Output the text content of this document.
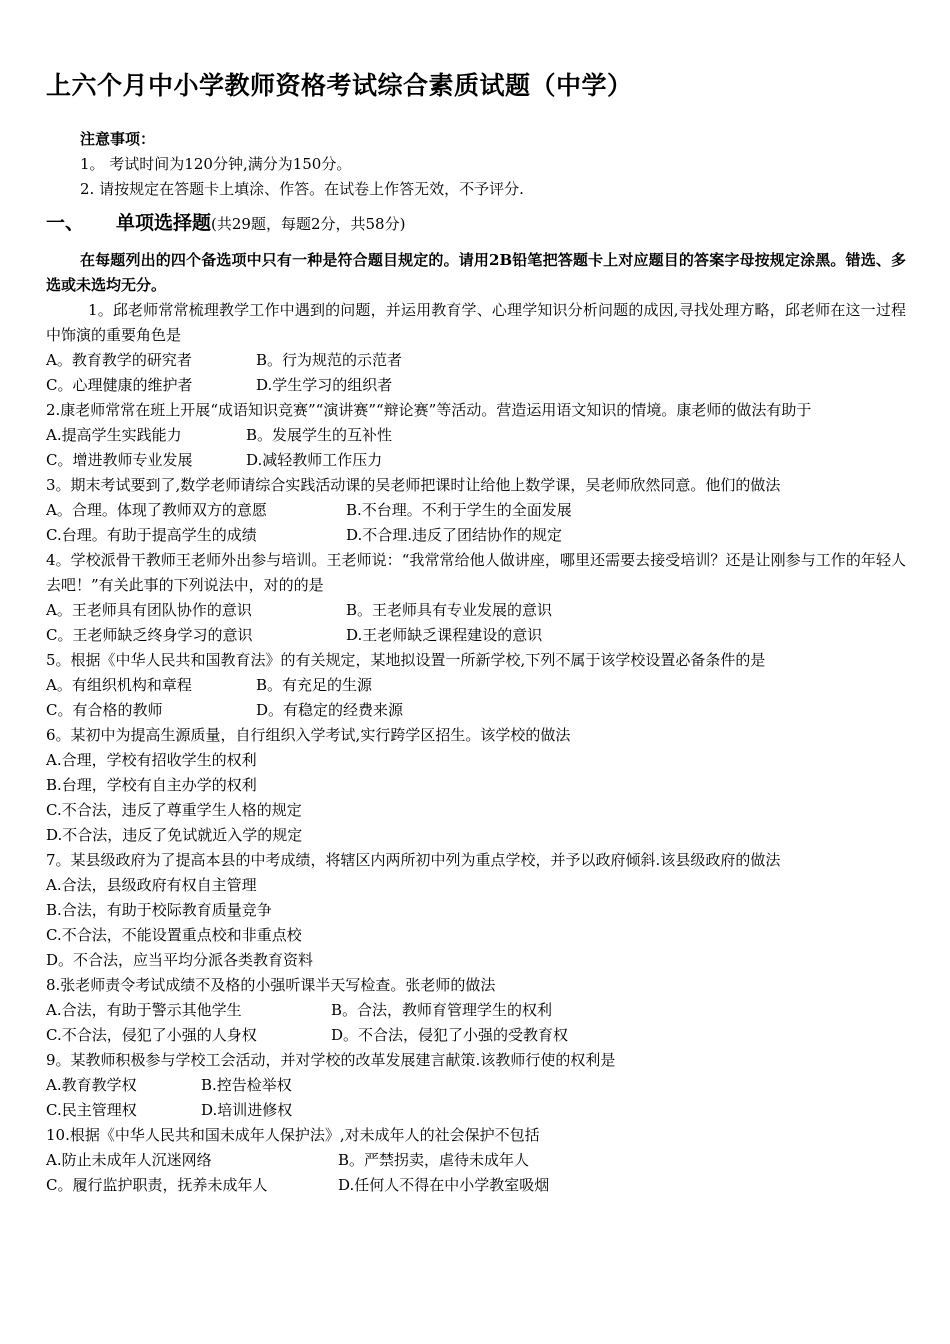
上六个月中小学教师资格考试综合素质试题（中学）
注意事项：
1。 考试时间为120分钟,满分为150分。
2. 请按规定在答题卡上填涂、作答。在试卷上作答无效，不予评分.
一、 单项选择题(共29题，每题2分，共58分)
在每题列出的四个备选项中只有一种是符合题目规定的。请用2B铅笔把答题卡上对应题目的答案字母按规定涂黑。错选、多选或未选均无分。
1。邱老师常常梳理教学工作中遇到的问题，并运用教育学、心理学知识分析问题的成因,寻找处理方略，邱老师在这一过程中饰演的重要角色是
A。教育教学的研究者	B。行为规范的示范者
C。心理健康的维护者	D.学生学习的组织者
2.康老师常常在班上开展“成语知识竞赛”“演讲赛”“辩论赛”等活动。营造运用语文知识的情境。康老师的做法有助于
A.提高学生实践能力	B。发展学生的互补性
C。增进教师专业发展	D.减轻教师工作压力
3。期末考试要到了,数学老师请综合实践活动课的吴老师把课时让给他上数学课，吴老师欣然同意。他们的做法
A。合理。体现了教师双方的意愿	B.不台理。不利于学生的全面发展
C.台理。有助于提高学生的成绩	D.不合理.违反了团结协作的规定
4。学校派骨干教师王老师外出参与培训。王老师说：“我常常给他人做讲座，哪里还需要去接受培训？还是让刚参与工作的年轻人去吧！”有关此事的下列说法中，对的的是
A。王老师具有团队协作的意识	B。王老师具有专业发展的意识
C。王老师缺乏终身学习的意识	D.王老师缺乏课程建设的意识
5。根据《中华人民共和国教育法》的有关规定，某地拟设置一所新学校,下列不属于该学校设置必备条件的是
A。有组织机构和章程	B。有充足的生源
C。有合格的教师	D。有稳定的经费来源
6。某初中为提高生源质量，自行组织入学考试,实行跨学区招生。该学校的做法
A.合理，学校有招收学生的权利
B.台理，学校有自主办学的权利
C.不合法，违反了尊重学生人格的规定
D.不合法，违反了免试就近入学的规定
7。某县级政府为了提高本县的中考成绩，将辖区内两所初中列为重点学校，并予以政府倾斜.该县级政府的做法
A.合法，县级政府有权自主管理
B.合法，有助于校际教育质量竞争
C.不合法，不能设置重点校和非重点校
D。不合法，应当平均分派各类教育资料
8.张老师责令考试成绩不及格的小强听课半天写检查。张老师的做法
A.合法，有助于警示其他学生	B。合法，教师育管理学生的权利
C.不合法，侵犯了小强的人身权	D。不合法，侵犯了小强的受教育权
9。某教师积极参与学校工会活动，并对学校的改革发展建言献策.该教师行使的权利是
A.教育教学权	B.控告检举权
C.民主管理权	D.培训进修权
10.根据《中华人民共和国未成年人保护法》,对未成年人的社会保护不包括
A.防止未成年人沉迷网络	B。严禁拐卖，虐待未成年人
C。履行监护职责，抚养未成年人	D.任何人不得在中小学教室吸烟
